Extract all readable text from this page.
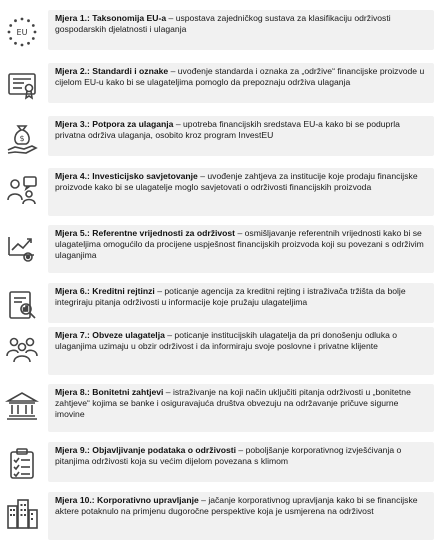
EU
Mjera 1.: Taksonomija EU-a – uspostava zajedničkog sustava za klasifikaciju održivosti gospodarskih djelatnosti i ulaganja
Mjera 2.: Standardi i oznake – uvođenje standarda i oznaka za „održive“ financijske proizvode u cijelom EU-u kako bi se ulagateljima pomoglo da prepoznaju održiva ulaganja
$
Mjera 3.: Potpora za ulaganja – upotreba financijskih sredstava EU-a kako bi se poduprla privatna održiva ulaganja, osobito kroz program InvestEU
Mjera 4.: Investicijsko savjetovanje – uvođenje zahtjeva za institucije koje prodaju financijske proizvode kako bi se ulagatelje moglo savjetovati o održivosti financijskih proizvoda
Mjera 5.: Referentne vrijednosti za održivost – osmišljavanje referentnih vrijednosti kako bi se ulagateljima omogućilo da procijene uspješnost financijskih proizvoda koji su povezani s održivim ulaganjima
Mjera 6.: Kreditni rejtinzi – poticanje agencija za kreditni rejting i istraživača tržišta da bolje integriraju pitanja održivosti u informacije koje pružaju ulagateljima
Mjera 7.: Obveze ulagatelja – poticanje institucijskih ulagatelja da pri donošenju odluka o ulaganjima uzimaju u obzir održivost i da informiraju svoje poslovne i privatne klijente
Mjera 8.: Bonitetni zahtjevi – istraživanje na koji način uključiti pitanja održivosti u „bonitetne zahtjeve“ kojima se banke i osiguravajuća društva obvezuju na održavanje pričuve sigurne imovine
Mjera 9.: Objavljivanje podataka o održivosti – poboljšanje korporativnog izvješćivanja o pitanjima održivosti koja su većim dijelom povezana s klimom
Mjera 10.: Korporativno upravljanje – jačanje korporativnog upravljanja kako bi se financijske aktere potaknulo na primjenu dugoročne perspektive koja je usmjerena na održivost
